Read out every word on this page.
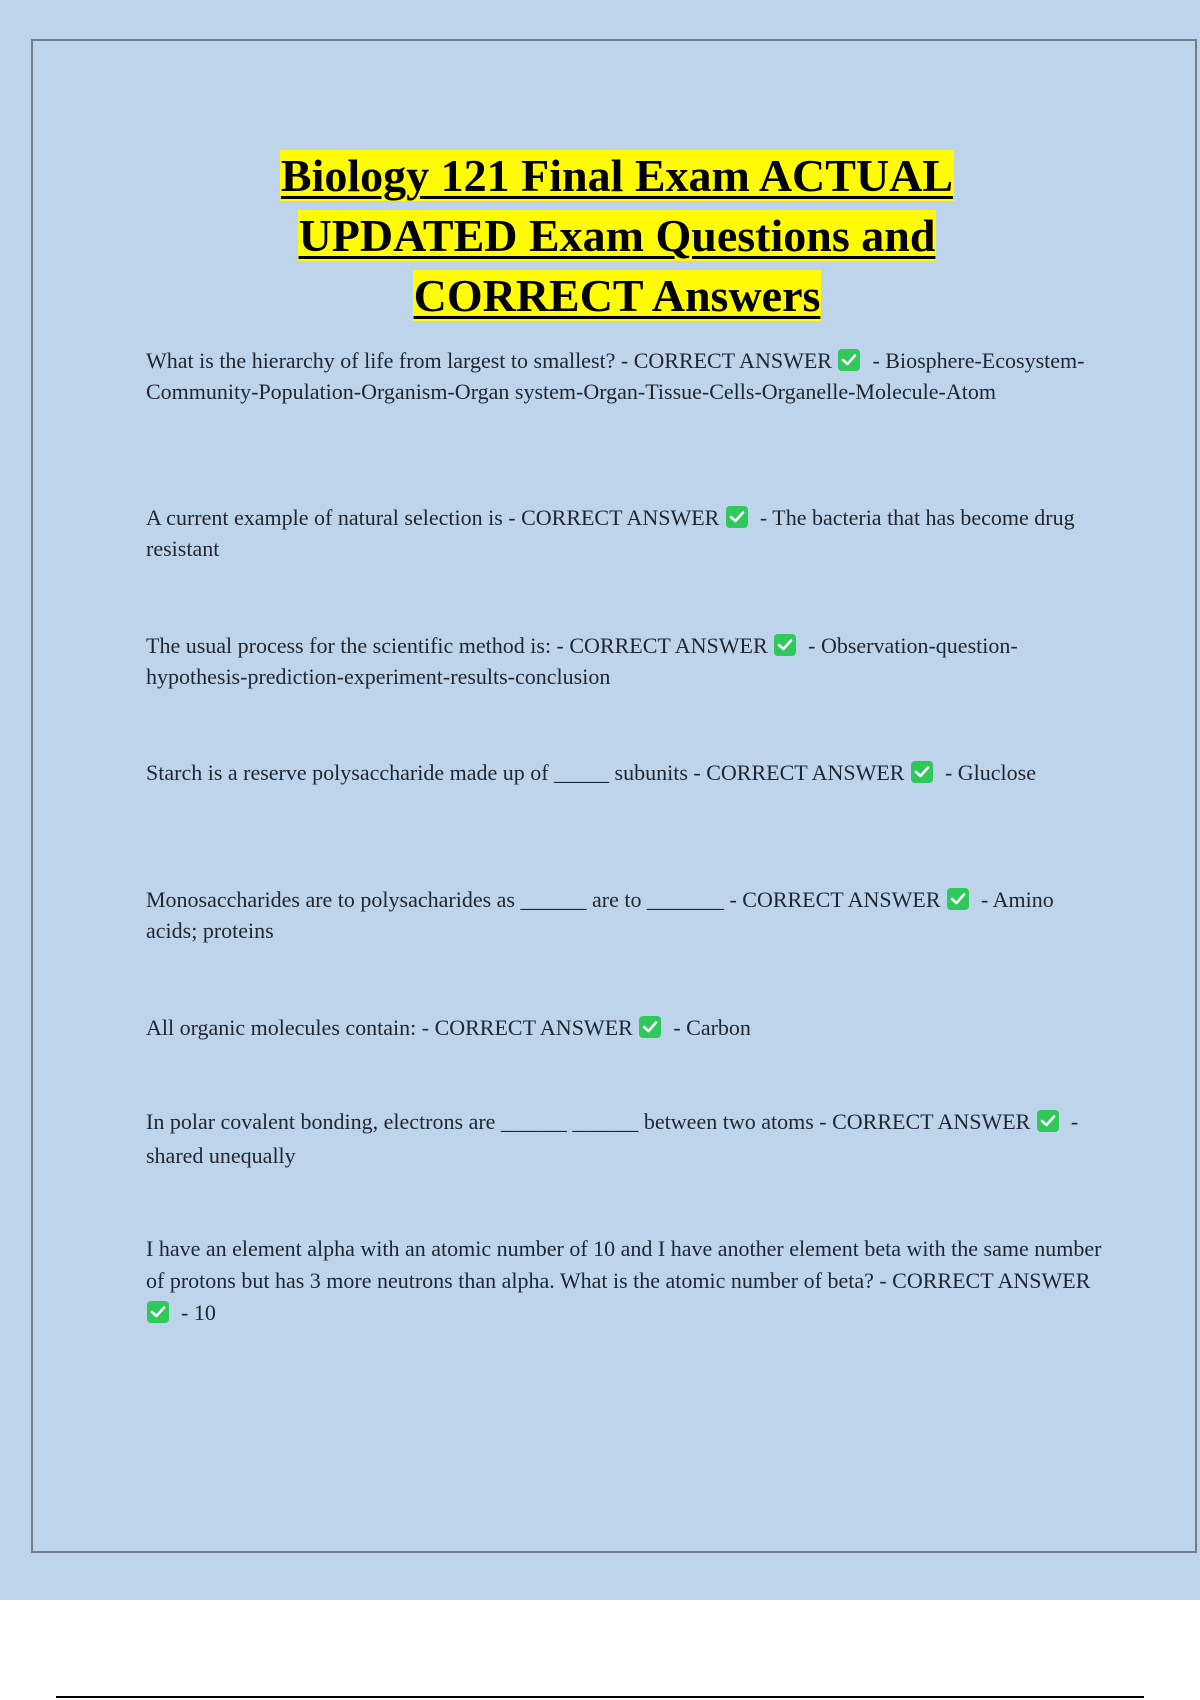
Biology 121 Final Exam ACTUAL
UPDATED Exam Questions and
CORRECT Answers
What is the hierarchy of life from largest to smallest? - CORRECT ANSWER
- Biosphere-Ecosystem-Community-Population-Organism-Organ system-Organ-Tissue-Cells-Organelle-Molecule-Atom
A current example of natural selection is - CORRECT ANSWER
- The bacteria that has become drug resistant
The usual process for the scientific method is: - CORRECT ANSWER
- Observation-question-hypothesis-prediction-experiment-results-conclusion
Starch is a reserve polysaccharide made up of _____ subunits - CORRECT ANSWER
- Gluclose
Monosaccharides are to polysacharides as ______ are to _______ - CORRECT ANSWER
- Amino acids; proteins
All organic molecules contain: - CORRECT ANSWER
- Carbon
In polar covalent bonding, electrons are ______ ______ between two atoms - CORRECT ANSWER
- shared unequally
I have an element alpha with an atomic number of 10 and I have another element beta with the same number of protons but has 3 more neutrons than alpha. What is the atomic number of beta? - CORRECT ANSWER
- 10
